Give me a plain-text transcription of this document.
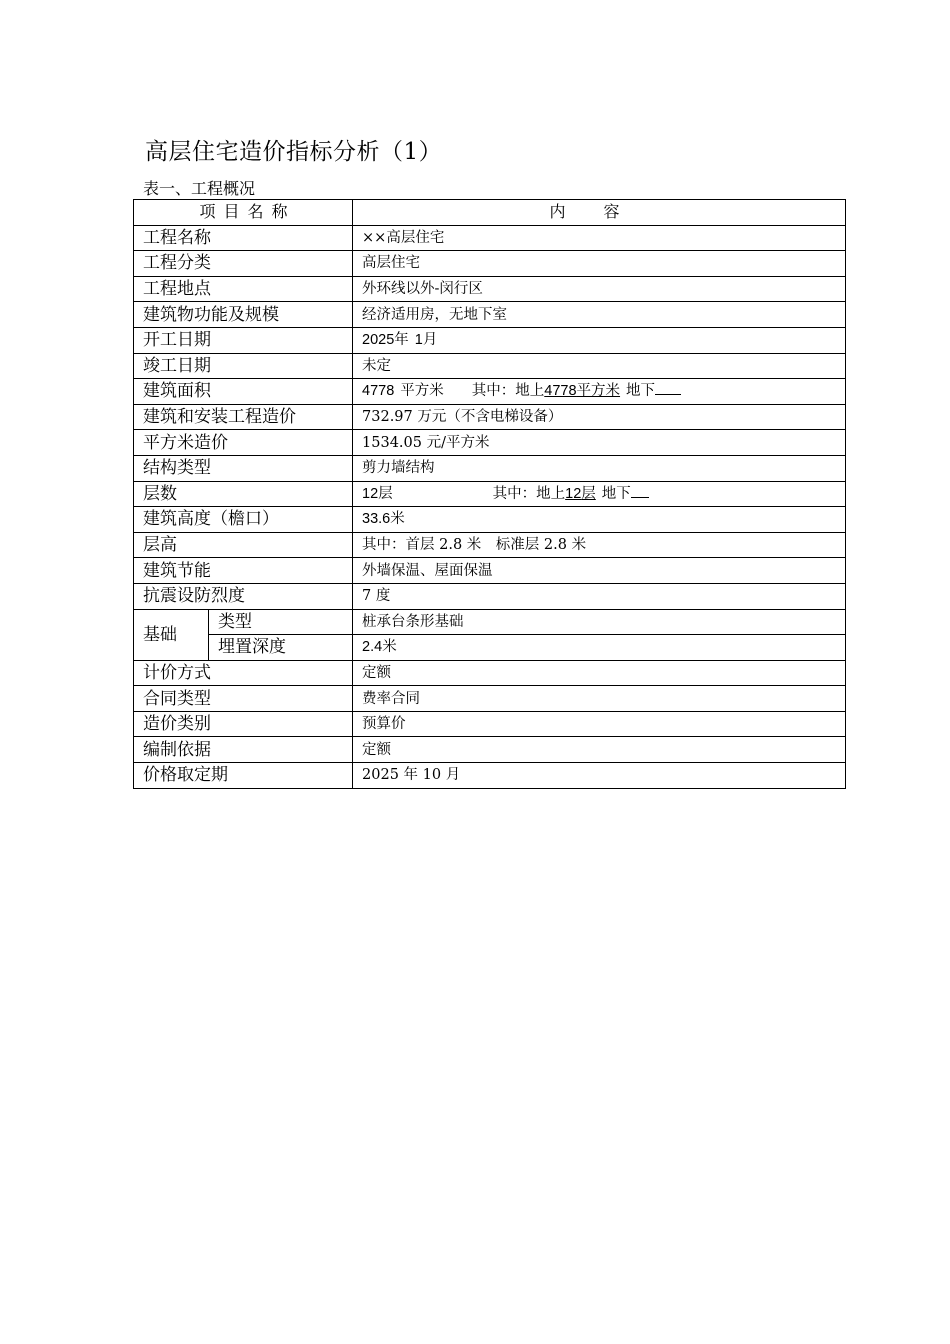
高层住宅造价指标分析（1）
表一、工程概况
项目名称		内容
工程名称		××高层住宅
工程分类		高层住宅
工程地点		外环线以外-闵行区
建筑物功能及规模		经济适用房，无地下室
开工日期		2025年 1月
竣工日期		未定
建筑面积		4778 平方米 其中：地上4778平方米 地下
建筑和安装工程造价		732.97 万元（不含电梯设备）
平方米造价		1534.05 元/平方米
结构类型		剪力墙结构
层数		12层 其中：地上12层 地下
建筑高度（檐口）		33.6米
层高		其中：首层 2.8 米　标准层 2.8 米
建筑节能		外墙保温、屋面保温
抗震设防烈度		7 度
基础	类型	桩承台条形基础
	埋置深度	2.4米
计价方式		定额
合同类型		费率合同
造价类别		预算价
编制依据		定额
价格取定期		2025 年 10 月
